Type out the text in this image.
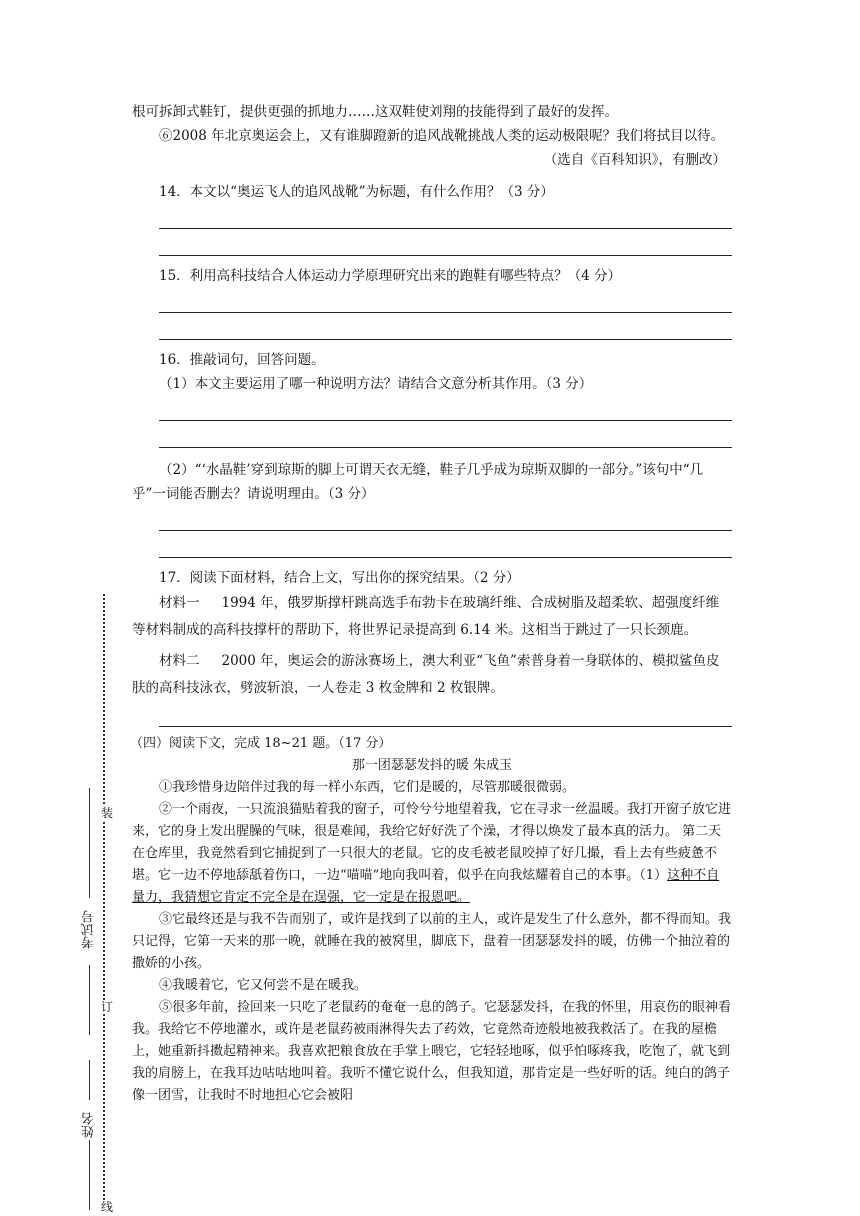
装
订
线
考试号
姓名

根可拆卸式鞋钉，提供更强的抓地力……这双鞋使刘翔的技能得到了最好的发挥。

⑥2008 年北京奥运会上，又有谁脚蹬新的追风战靴挑战人类的运动极限呢？我们将拭目以待。

（选自《百科知识》，有删改）

14．本文以“奥运飞人的追风战靴”为标题，有什么作用？（3 分）

15．利用高科技结合人体运动力学原理研究出来的跑鞋有哪些特点？（4 分）

16．推敲词句，回答问题。

（1）本文主要运用了哪一种说明方法？请结合文意分析其作用。（3 分）

（2）“‘水晶鞋’穿到琼斯的脚上可谓天衣无缝，鞋子几乎成为琼斯双脚的一部分。”该句中“几乎”一词能否删去？请说明理由。（3 分）

17．阅读下面材料，结合上文，写出你的探究结果。（2 分）

材料一 1994 年，俄罗斯撑杆跳高选手布勃卡在玻璃纤维、合成树脂及超柔软、超强度纤维等材料制成的高科技撑杆的帮助下，将世界记录提高到 6.14 米。这相当于跳过了一只长颈鹿。

材料二 2000 年，奥运会的游泳赛场上，澳大利亚“飞鱼”索普身着一身联体的、模拟鲨鱼皮肤的高科技泳衣，劈波斩浪，一人卷走 3 枚金牌和 2 枚银牌。

（四）阅读下文，完成 18~21 题。（17 分）

那一团瑟瑟发抖的暖 朱成玉

①我珍惜身边陪伴过我的每一样小东西，它们是暖的，尽管那暖很微弱。

②一个雨夜，一只流浪猫贴着我的窗子，可怜兮兮地望着我，它在寻求一丝温暖。我打开窗子放它进来，它的身上发出腥臊的气味，很是难闻，我给它好好洗了个澡，才得以焕发了最本真的活力。 第二天在仓库里，我竟然看到它捕捉到了一只很大的老鼠。它的皮毛被老鼠咬掉了好几撮，看上去有些疲惫不堪。它一边不停地舔舐着伤口，一边“喵喵”地向我叫着，似乎在向我炫耀着自己的本事。（1）这种不自量力，我猜想它肯定不完全是在逞强，它一定是在报恩吧。

③它最终还是与我不告而别了，或许是找到了以前的主人，或许是发生了什么意外，都不得而知。我只记得，它第一天来的那一晚，就睡在我的被窝里，脚底下，盘着一团瑟瑟发抖的暖，仿佛一个抽泣着的撒娇的小孩。

④我暖着它，它又何尝不是在暖我。

⑤很多年前，捡回来一只吃了老鼠药的奄奄一息的鸽子。它瑟瑟发抖，在我的怀里，用哀伤的眼神看我。我给它不停地灌水，或许是老鼠药被雨淋得失去了药效，它竟然奇迹般地被我救活了。在我的屋檐上，她重新抖擞起精神来。我喜欢把粮食放在手掌上喂它，它轻轻地啄，似乎怕啄疼我，吃饱了，就飞到我的肩膀上，在我耳边咕咕地叫着。我听不懂它说什么，但我知道，那肯定是一些好听的话。纯白的鸽子像一团雪，让我时不时地担心它会被阳
